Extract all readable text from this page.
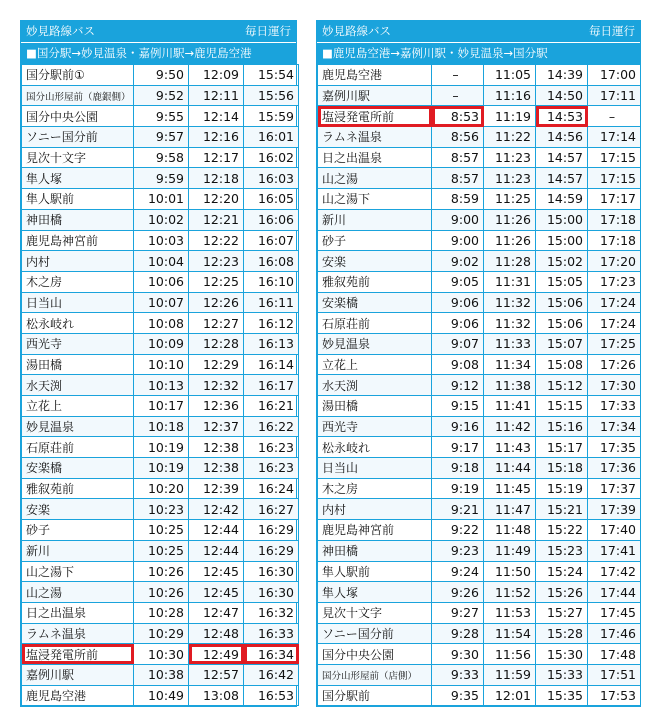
妙見路線バス	毎日運行
■国分駅→妙見温泉・嘉例川駅→鹿児島空港
国分駅前①	9:50	12:09	15:54
国分山形屋前（鹿銀側）	9:52	12:11	15:56
国分中央公園	9:55	12:14	15:59
ソニー国分前	9:57	12:16	16:01
見次十文字	9:58	12:17	16:02
隼人塚	9:59	12:18	16:03
隼人駅前	10:01	12:20	16:05
神田橋	10:02	12:21	16:06
鹿児島神宮前	10:03	12:22	16:07
内村	10:04	12:23	16:08
木之房	10:06	12:25	16:10
日当山	10:07	12:26	16:11
松永岐れ	10:08	12:27	16:12
西光寺	10:09	12:28	16:13
湯田橋	10:10	12:29	16:14
水天渕	10:13	12:32	16:17
立花上	10:17	12:36	16:21
妙見温泉	10:18	12:37	16:22
石原荘前	10:19	12:38	16:23
安楽橋	10:19	12:38	16:23
雅叙苑前	10:20	12:39	16:24
安楽	10:23	12:42	16:27
砂子	10:25	12:44	16:29
新川	10:25	12:44	16:29
山之湯下	10:26	12:45	16:30
山之湯	10:26	12:45	16:30
日之出温泉	10:28	12:47	16:32
ラムネ温泉	10:29	12:48	16:33
塩浸発電所前	10:30	12:49	16:34
嘉例川駅	10:38	12:57	16:42
鹿児島空港	10:49	13:08	16:53
妙見路線バス	毎日運行
■鹿児島空港→嘉例川駅・妙見温泉→国分駅
鹿児島空港	–	11:05	14:39	17:00
嘉例川駅	–	11:16	14:50	17:11
塩浸発電所前	8:53	11:19	14:53	–
ラムネ温泉	8:56	11:22	14:56	17:14
日之出温泉	8:57	11:23	14:57	17:15
山之湯	8:57	11:23	14:57	17:15
山之湯下	8:59	11:25	14:59	17:17
新川	9:00	11:26	15:00	17:18
砂子	9:00	11:26	15:00	17:18
安楽	9:02	11:28	15:02	17:20
雅叙苑前	9:05	11:31	15:05	17:23
安楽橋	9:06	11:32	15:06	17:24
石原荘前	9:06	11:32	15:06	17:24
妙見温泉	9:07	11:33	15:07	17:25
立花上	9:08	11:34	15:08	17:26
水天渕	9:12	11:38	15:12	17:30
湯田橋	9:15	11:41	15:15	17:33
西光寺	9:16	11:42	15:16	17:34
松永岐れ	9:17	11:43	15:17	17:35
日当山	9:18	11:44	15:18	17:36
木之房	9:19	11:45	15:19	17:37
内村	9:21	11:47	15:21	17:39
鹿児島神宮前	9:22	11:48	15:22	17:40
神田橋	9:23	11:49	15:23	17:41
隼人駅前	9:24	11:50	15:24	17:42
隼人塚	9:26	11:52	15:26	17:44
見次十文字	9:27	11:53	15:27	17:45
ソニー国分前	9:28	11:54	15:28	17:46
国分中央公園	9:30	11:56	15:30	17:48
国分山形屋前（店側）	9:33	11:59	15:33	17:51
国分駅前	9:35	12:01	15:35	17:53
